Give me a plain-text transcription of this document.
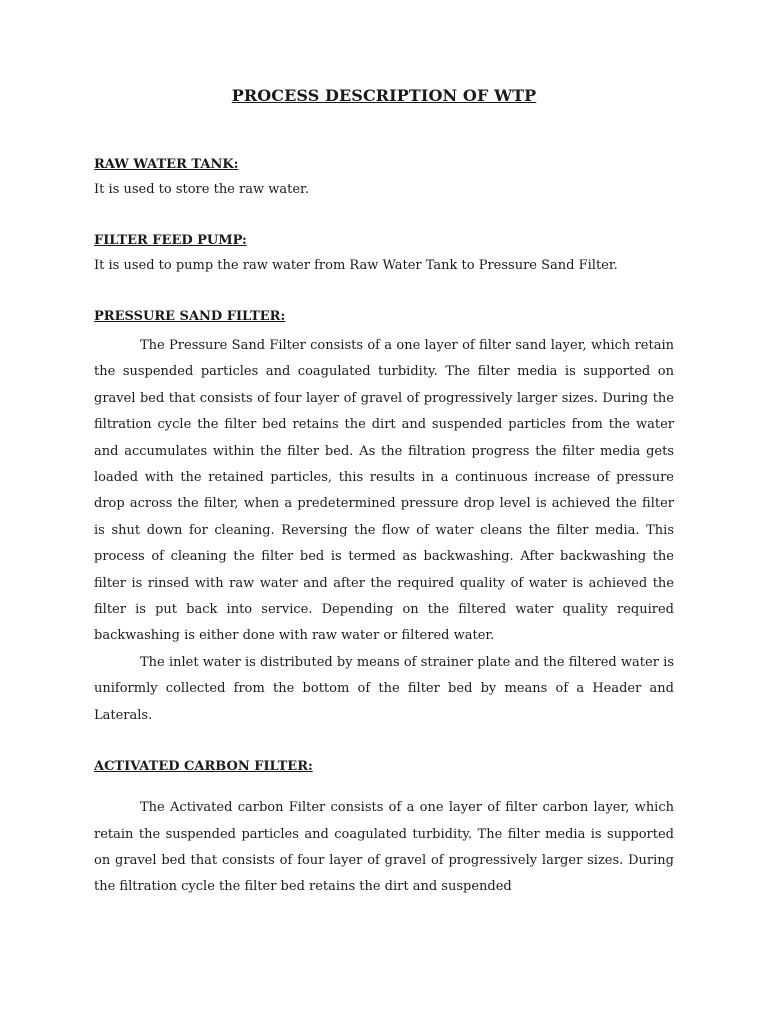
PROCESS DESCRIPTION OF WTP
RAW WATER TANK:

It is used to store the raw water.

FILTER FEED PUMP:

It is used to pump the raw water from Raw Water Tank to Pressure Sand Filter.

PRESSURE SAND FILTER:

The Pressure Sand Filter consists of a one layer of filter sand layer, which retain the suspended particles and coagulated turbidity. The filter media is supported on gravel bed that consists of four layer of gravel of progressively larger sizes. During the filtration cycle the filter bed retains the dirt and suspended particles from the water and accumulates within the filter bed. As the filtration progress the filter media gets loaded with the retained particles, this results in a continuous increase of pressure drop across the filter, when a predetermined pressure drop level is achieved the filter is shut down for cleaning. Reversing the flow of water cleans the filter media. This process of cleaning the filter bed is termed as backwashing. After backwashing the filter is rinsed with raw water and after the required quality of water is achieved the filter is put back into service. Depending on the filtered water quality required backwashing is either done with raw water or filtered water.

The inlet water is distributed by means of strainer plate and the filtered water is uniformly collected from the bottom of the filter bed by means of a Header and Laterals.

ACTIVATED CARBON FILTER:

The Activated carbon Filter consists of a one layer of filter carbon layer, which retain the suspended particles and coagulated turbidity. The filter media is supported on gravel bed that consists of four layer of gravel of progressively larger sizes. During the filtration cycle the filter bed retains the dirt and suspended
